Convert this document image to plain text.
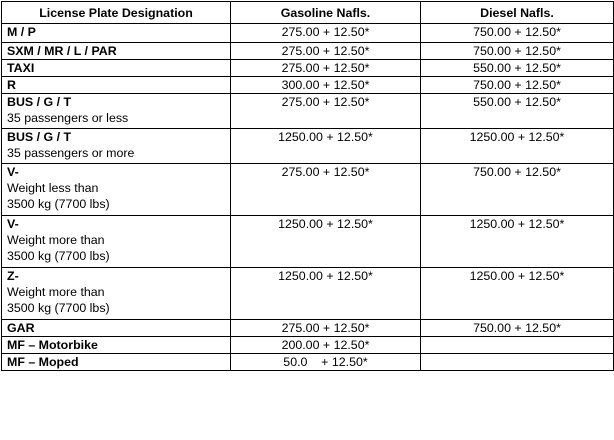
License Plate Designation	Gasoline Nafls.	Diesel Nafls.

M / P	275.00 + 12.50*	750.00 + 12.50*

SXM / MR / L / PAR	275.00 + 12.50*	750.00 + 12.50*

TAXI	275.00 + 12.50*	550.00 + 12.50*

R	300.00 + 12.50*	750.00 + 12.50*

BUS / G / T
35 passengers or less	275.00 + 12.50*	550.00 + 12.50*

BUS / G / T
35 passengers or more	1250.00 + 12.50*	1250.00 + 12.50*

V-
Weight less than
3500 kg (7700 lbs)	275.00 + 12.50*	750.00 + 12.50*

V-
Weight more than
3500 kg (7700 lbs)	1250.00 + 12.50*	1250.00 + 12.50*

Z-
Weight more than
3500 kg (7700 lbs)	1250.00 + 12.50*	1250.00 + 12.50*

GAR	275.00 + 12.50*	750.00 + 12.50*

MF – Motorbike	200.00 + 12.50*	

MF – Moped	50.0    + 12.50*	
